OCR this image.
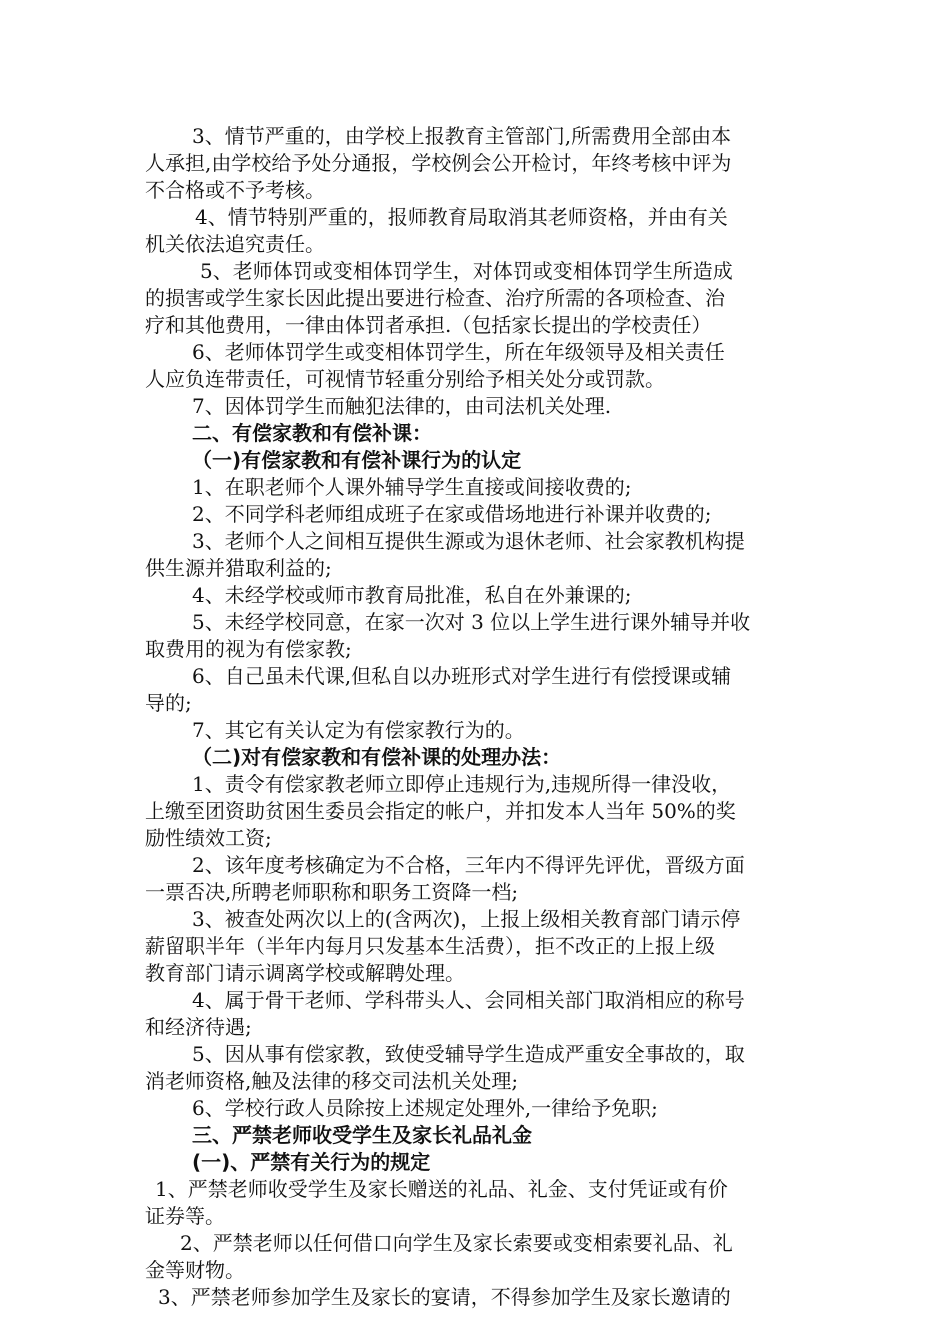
3、情节严重的，由学校上报教育主管部门,所需费用全部由本
人承担,由学校给予处分通报，学校例会公开检讨，年终考核中评为
不合格或不予考核。
4、情节特别严重的，报师教育局取消其老师资格，并由有关
机关依法追究责任。
5、老师体罚或变相体罚学生，对体罚或变相体罚学生所造成
的损害或学生家长因此提出要进行检查、治疗所需的各项检查、治
疗和其他费用，一律由体罚者承担.（包括家长提出的学校责任）
6、老师体罚学生或变相体罚学生，所在年级领导及相关责任
人应负连带责任，可视情节轻重分别给予相关处分或罚款。
7、因体罚学生而触犯法律的，由司法机关处理.
二、有偿家教和有偿补课：
（一)有偿家教和有偿补课行为的认定
1、在职老师个人课外辅导学生直接或间接收费的;
2、不同学科老师组成班子在家或借场地进行补课并收费的;
3、老师个人之间相互提供生源或为退休老师、社会家教机构提
供生源并猎取利益的;
4、未经学校或师市教育局批准，私自在外兼课的;
5、未经学校同意，在家一次对 3 位以上学生进行课外辅导并收
取费用的视为有偿家教;
6、自己虽未代课,但私自以办班形式对学生进行有偿授课或辅
导的;
7、其它有关认定为有偿家教行为的。
（二)对有偿家教和有偿补课的处理办法：
1、责令有偿家教老师立即停止违规行为,违规所得一律没收，
上缴至团资助贫困生委员会指定的帐户，并扣发本人当年 50%的奖
励性绩效工资;
2、该年度考核确定为不合格，三年内不得评先评优，晋级方面
一票否决,所聘老师职称和职务工资降一档;
3、被查处两次以上的(含两次)，上报上级相关教育部门请示停
薪留职半年（半年内每月只发基本生活费），拒不改正的上报上级
教育部门请示调离学校或解聘处理。
4、属于骨干老师、学科带头人、会同相关部门取消相应的称号
和经济待遇;
5、因从事有偿家教，致使受辅导学生造成严重安全事故的，取
消老师资格,触及法律的移交司法机关处理;
6、学校行政人员除按上述规定处理外,一律给予免职;
三、严禁老师收受学生及家长礼品礼金
(一)、严禁有关行为的规定
1、严禁老师收受学生及家长赠送的礼品、礼金、支付凭证或有价
证券等。
2、严禁老师以任何借口向学生及家长索要或变相索要礼品、礼
金等财物。
3、严禁老师参加学生及家长的宴请，不得参加学生及家长邀请的
